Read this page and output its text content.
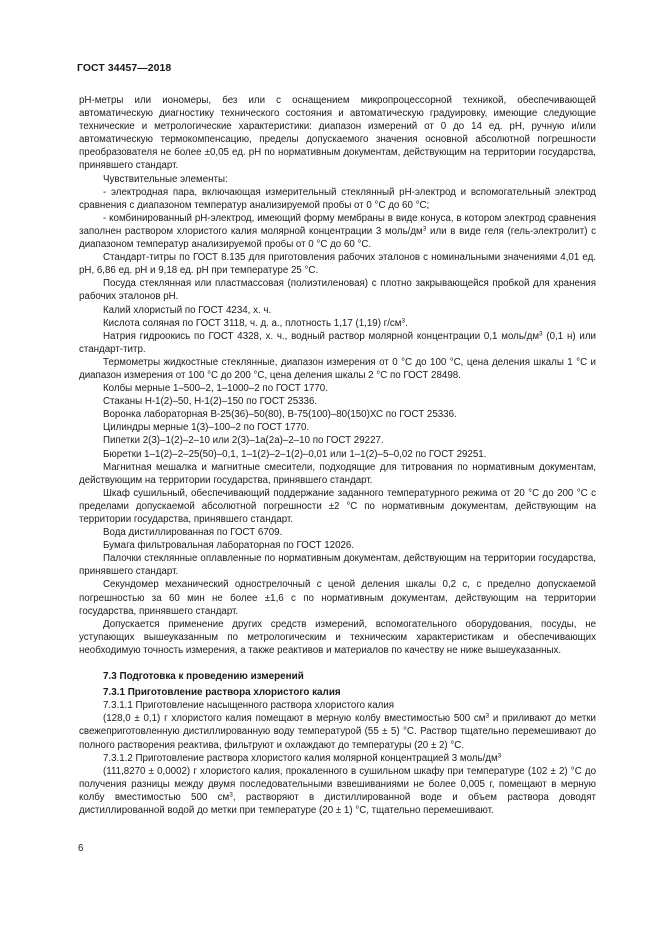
ГОСТ 34457—2018

рН-метры или иономеры, без или с оснащением микропроцессорной техникой, обеспечивающей автоматическую диагностику технического состояния и автоматическую градуировку, имеющие следующие технические и метрологические характеристики: диапазон измерений от 0 до 14 ед. рН, ручную и/или автоматическую термокомпенсацию, пределы допускаемого значения основной абсолютной погрешности преобразователя не более ±0,05 ед. рН по нормативным документам, действующим на территории государства, принявшего стандарт.

Чувствительные элементы:

- электродная пара, включающая измерительный стеклянный рН-электрод и вспомогательный электрод сравнения с диапазоном температур анализируемой пробы от 0 °С до 60 °С;

- комбинированный рН-электрод, имеющий форму мембраны в виде конуса, в котором электрод сравнения заполнен раствором хлористого калия молярной концентрации 3 моль/$дм^3$ или в виде геля (гель-электролит) с диапазоном температур анализируемой пробы от 0 °С до 60 °С.

Стандарт-титры по ГОСТ 8.135 для приготовления рабочих эталонов с номинальными значениями 4,01 ед. рН, 6,86 ед. рН и 9,18 ед. рН при температуре 25 °С.

Посуда стеклянная или пластмассовая (полиэтиленовая) с плотно закрывающейся пробкой для хранения рабочих эталонов рН.

Калий хлористый по ГОСТ 4234, х. ч.

Кислота соляная по ГОСТ 3118, ч. д. а., плотность 1,17 (1,19) $г/см^3$.

Натрия гидроокись по ГОСТ 4328, х. ч., водный раствор молярной концентрации 0,1 моль/$дм^3$ (0,1 н) или стандарт-титр.

Термометры жидкостные стеклянные, диапазон измерения от 0 °С до 100 °С, цена деления шкалы 1 °С и диапазон измерения от 100 °С до 200 °С, цена деления шкалы 2 °С по ГОСТ 28498.

Колбы мерные 1–500–2, 1–1000–2 по ГОСТ 1770.

Стаканы Н-1(2)–50, Н-1(2)–150 по ГОСТ 25336.

Воронка лабораторная В-25(36)–50(80), В-75(100)–80(150)ХС по ГОСТ 25336.

Цилиндры мерные 1(3)–100–2 по ГОСТ 1770.

Пипетки 2(3)–1(2)–2–10 или 2(3)–1а(2а)–2–10 по ГОСТ 29227.

Бюретки 1–1(2)–2–25(50)–0,1, 1–1(2)–2–1(2)–0,01 или 1–1(2)–5–0,02 по ГОСТ 29251.

Магнитная мешалка и магнитные смесители, подходящие для титрования по нормативным документам, действующим на территории государства, принявшего стандарт.

Шкаф сушильный, обеспечивающий поддержание заданного температурного режима от 20 °С до 200 °С с пределами допускаемой абсолютной погрешности ±2 °С по нормативным документам, действующим на территории государства, принявшего стандарт.

Вода дистиллированная по ГОСТ 6709.

Бумага фильтровальная лабораторная по ГОСТ 12026.

Палочки стеклянные оплавленные по нормативным документам, действующим на территории государства, принявшего стандарт.

Секундомер механический однострелочный с ценой деления шкалы 0,2 с, с пределно допускаемой погрешностью за 60 мин не более ±1,6 с по нормативным документам, действующим на территории государства, принявшего стандарт.

Допускается применение других средств измерений, вспомогательного оборудования, посуды, не уступающих вышеуказанным по метрологическим и техническим характеристикам и обеспечивающих необходимую точность измерения, а также реактивов и материалов по качеству не ниже вышеуказанных.

7.3 Подготовка к проведению измерений

7.3.1 Приготовление раствора хлористого калия

7.3.1.1 Приготовление насыщенного раствора хлористого калия

(128,0 ± 0,1) г хлористого калия помещают в мерную колбу вместимостью 500 $см^3$ и приливают до метки свежеприготовленную дистиллированную воду температурой (55 ± 5) °С. Раствор тщательно перемешивают до полного растворения реактива, фильтруют и охлаждают до температуры (20 ± 2) °С.

7.3.1.2 Приготовление раствора хлористого калия молярной концентрацией 3 моль/$дм^3$

(111,8270 ± 0,0002) г хлористого калия, прокаленного в сушильном шкафу при температуре (102 ± 2) °С до получения разницы между двумя последовательными взвешиваниями не более 0,005 г, помещают в мерную колбу вместимостью 500 $см^3$, растворяют в дистиллированной воде и объем раствора доводят дистиллированной водой до метки при температуре (20 ± 1) °С, тщательно перемешивают.

6
